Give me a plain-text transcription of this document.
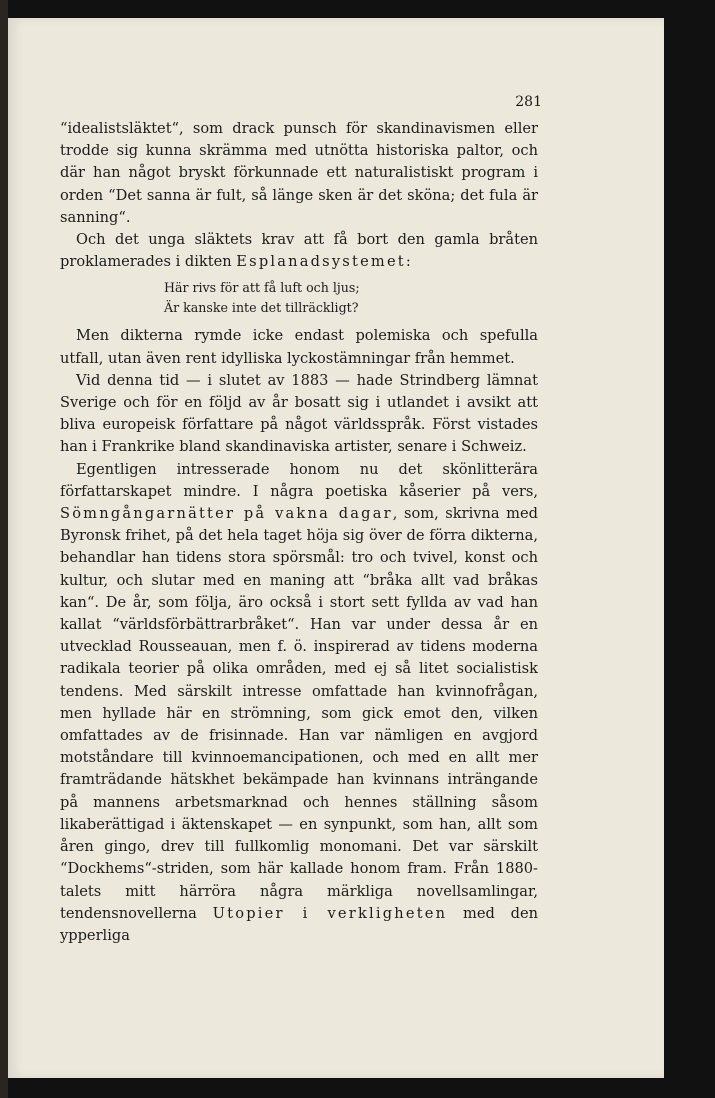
281

“idealistsläktet“, som drack punsch för skandinavismen eller trodde sig kunna skrämma med utnötta historiska paltor, och där han något bryskt förkunnade ett naturalistiskt program i orden “Det sanna är fult, så länge sken är det sköna; det fula är sanning“.

Och det unga släktets krav att få bort den gamla bråten proklamerades i dikten Esplanadsystemet:

Här rivs för att få luft och ljus;
Är kanske inte det tillräckligt?

Men dikterna rymde icke endast polemiska och spefulla utfall, utan även rent idylliska lyckostämningar från hemmet.

Vid denna tid — i slutet av 1883 — hade Strindberg lämnat Sverige och för en följd av år bosatt sig i utlandet i avsikt att bliva europeisk författare på något världsspråk. Först vistades han i Frankrike bland skandinaviska artister, senare i Schweiz.

Egentligen intresserade honom nu det skönlitterära författarskapet mindre. I några poetiska kåserier på vers, Sömngångarnätter på vakna dagar, som, skrivna med Byronsk frihet, på det hela taget höja sig över de förra dikterna, behandlar han tidens stora spörsmål: tro och tvivel, konst och kultur, och slutar med en maning att “bråka allt vad bråkas kan“. De år, som följa, äro också i stort sett fyllda av vad han kallat “världsförbättrarbråket“. Han var under dessa år en utvecklad Rousseauan, men f. ö. inspirerad av tidens moderna radikala teorier på olika områden, med ej så litet socialistisk tendens. Med särskilt intresse omfattade han kvinnofrågan, men hyllade här en strömning, som gick emot den, vilken omfattades av de frisinnade. Han var nämligen en avgjord motståndare till kvinnoemancipationen, och med en allt mer framträdande hätskhet bekämpade han kvinnans inträngande på mannens arbetsmarknad och hennes ställning såsom likaberättigad i äktenskapet — en synpunkt, som han, allt som åren gingo, drev till fullkomlig monomani. Det var särskilt “Dockhems“-striden, som här kallade honom fram. Från 1880-talets mitt härröra några märkliga novellsamlingar, tendensnovellerna Utopier i verkligheten med den ypperliga
